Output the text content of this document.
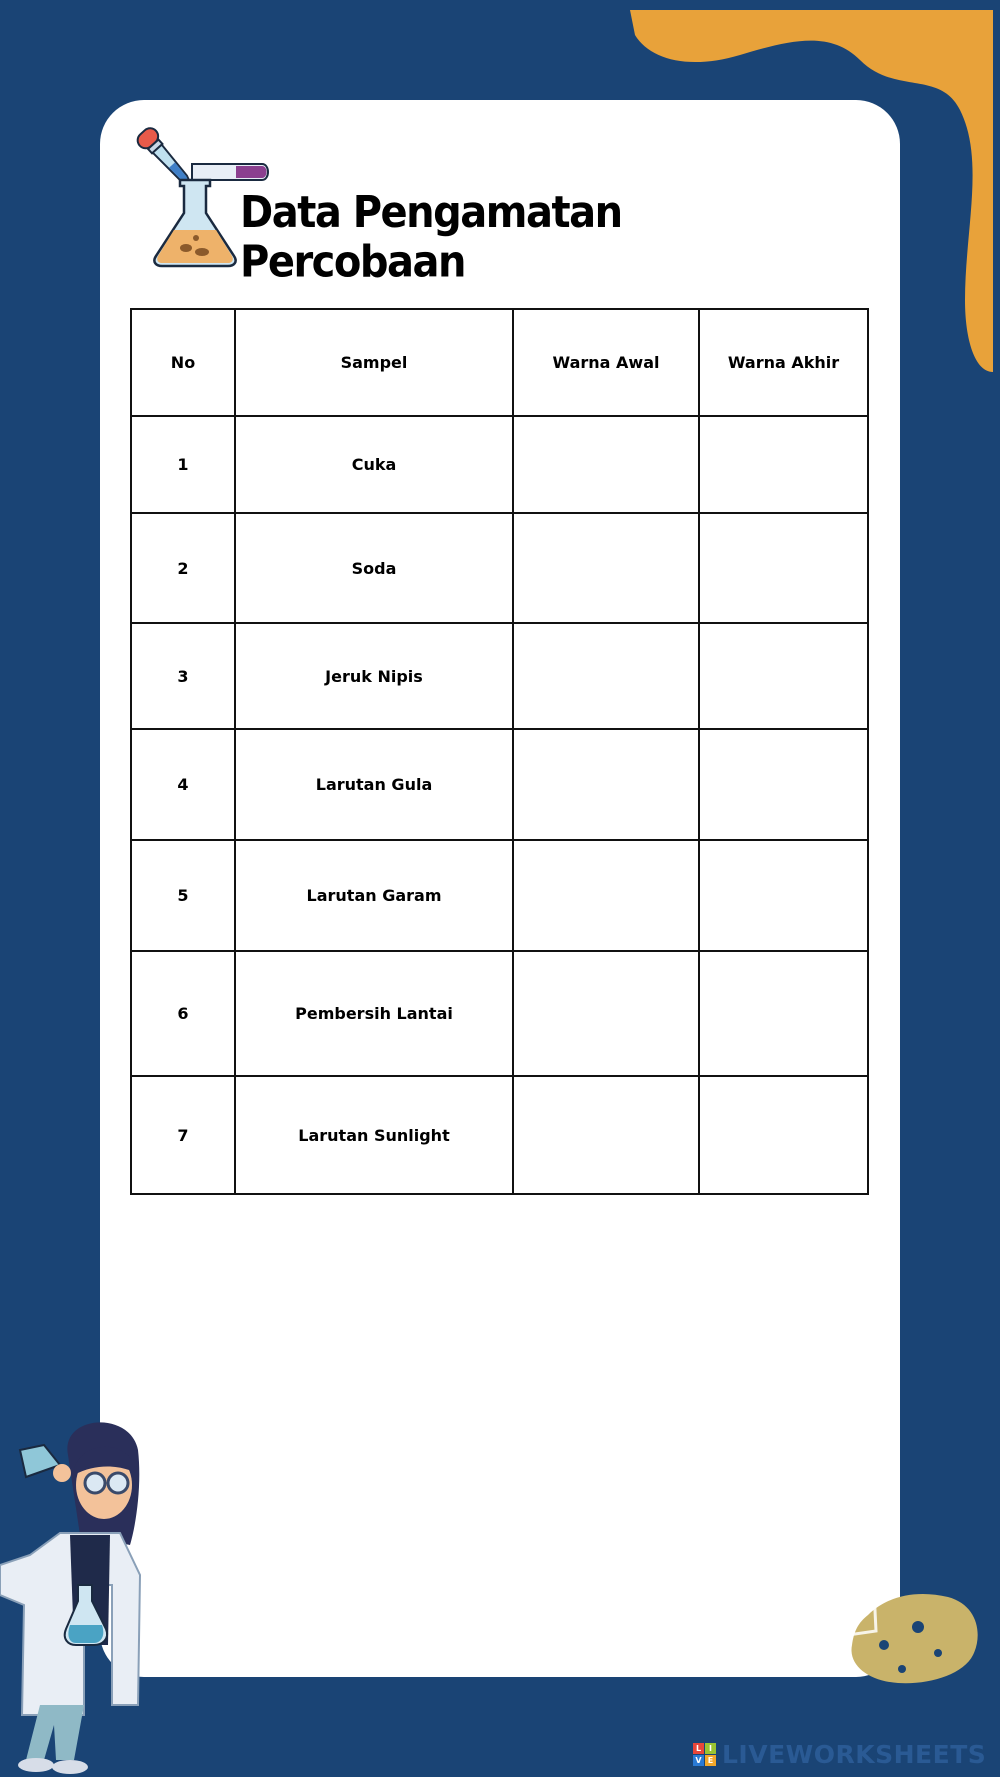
Data Pengamatan Percobaan
No	Sampel	Warna Awal	Warna Akhir
1	Cuka		
2	Soda		
3	Jeruk Nipis		
4	Larutan Gula		
5	Larutan Garam		
6	Pembersih Lantai		
7	Larutan Sunlight		
L I
V E LIVEWORKSHEETS
